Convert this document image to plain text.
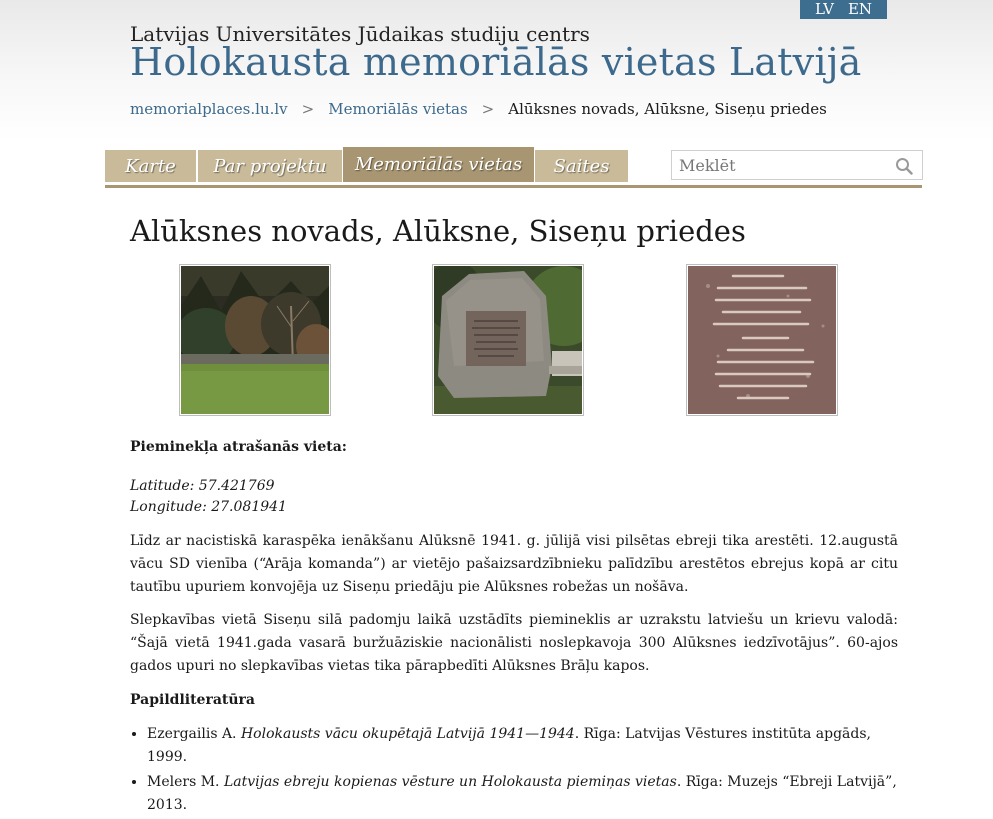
LV EN
Latvijas Universitātes Jūdaikas studiju centrs
Holokausta memoriālās vietas Latvijā
memorialplaces.lu.lv > Memoriālās vietas > Alūksnes novads, Alūksne, Siseņu priedes
Karte	Par projektu	Memoriālās vietas	Saites
Meklēt
Alūksnes novads, Alūksne, Siseņu priedes
Pieminekļa atrašanās vieta:
Latitude: 57.421769
Longitude: 27.081941

Līdz ar nacistiskā karaspēka ienākšanu Alūksnē 1941. g. jūlijā visi pilsētas ebreji tika arestēti. 12.augustā vācu SD vienība (“Arāja komanda”) ar vietējo pašaizsardzībnieku palīdzību arestētos ebrejus kopā ar citu tautību upuriem konvojēja uz Siseņu priedāju pie Alūksnes robežas un nošāva.

Slepkavības vietā Siseņu silā padomju laikā uzstādīts piemineklis ar uzrakstu latviešu un krievu valodā: “Šajā vietā 1941.gada vasarā buržuāziskie nacionālisti noslepkavoja 300 Alūksnes iedzīvotājus”. 60-ajos gados upuri no slepkavības vietas tika pārapbedīti Alūksnes Brāļu kapos.

Papildliteratūra
• Ezergailis A. Holokausts vācu okupētajā Latvijā 1941—1944. Rīga: Latvijas Vēstures institūta apgāds, 1999.
• Melers M. Latvijas ebreju kopienas vēsture un Holokausta piemiņas vietas. Rīga: Muzejs “Ebreji Latvijā”, 2013.
